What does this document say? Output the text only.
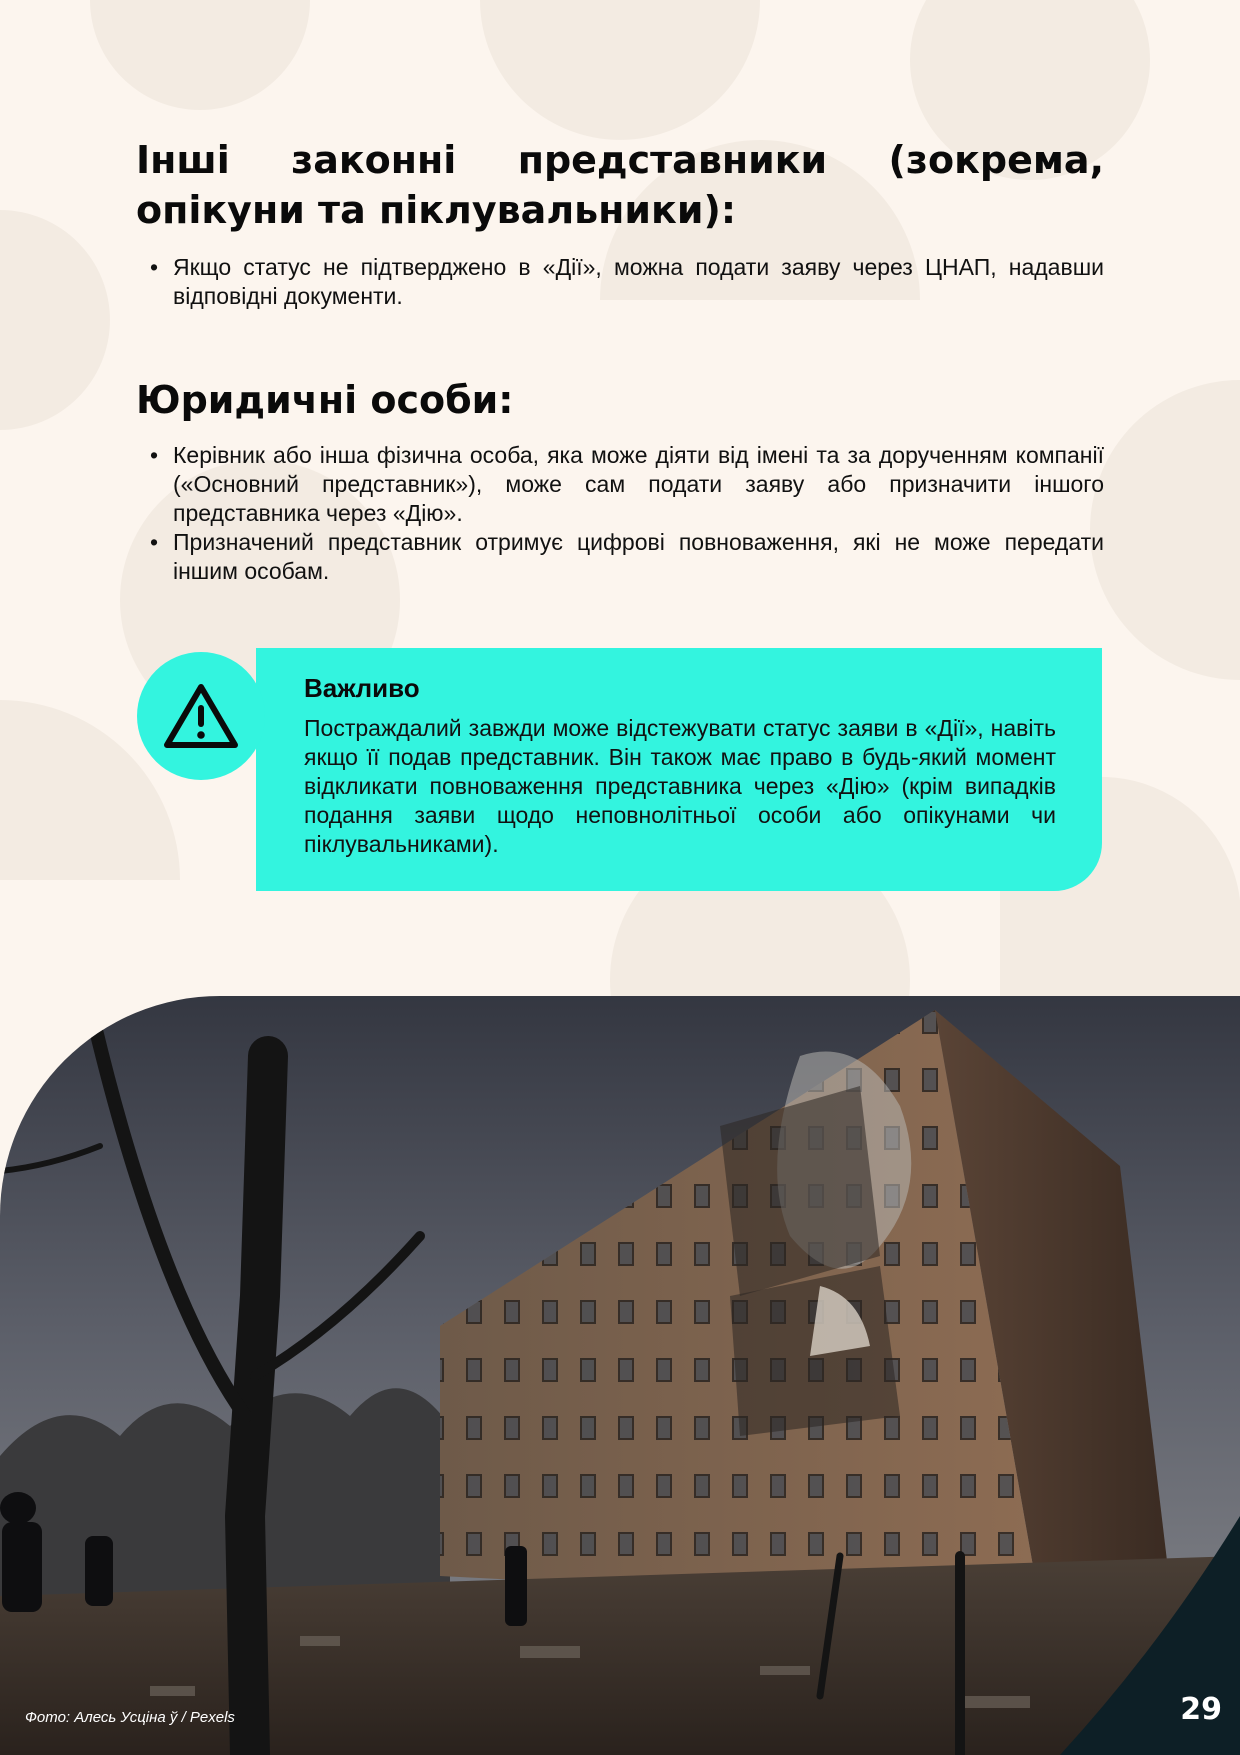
Інші законні представники (зокрема, опікуни та піклувальники):
• Якщо статус не підтверджено в «Дії», можна подати заяву через ЦНАП, надавши відповідні документи.
Юридичні особи:
• Керівник або інша фізична особа, яка може діяти від імені та за дорученням компанії («Основний представник»), може сам подати заяву або призначити іншого представника через «Дію».
• Призначений представник отримує цифрові повноваження, які не може передати іншим особам.
Важливо

Постраждалий завжди може відстежувати статус заяви в «Дії», навіть якщо її подав представник. Він також має право в будь-який момент відкликати повноваження представника через «Дію» (крім випадків подання заяви щодо неповнолітньої особи або опікунами чи піклувальниками).

Фото: Алесь Усціна ў / Pexels	29
